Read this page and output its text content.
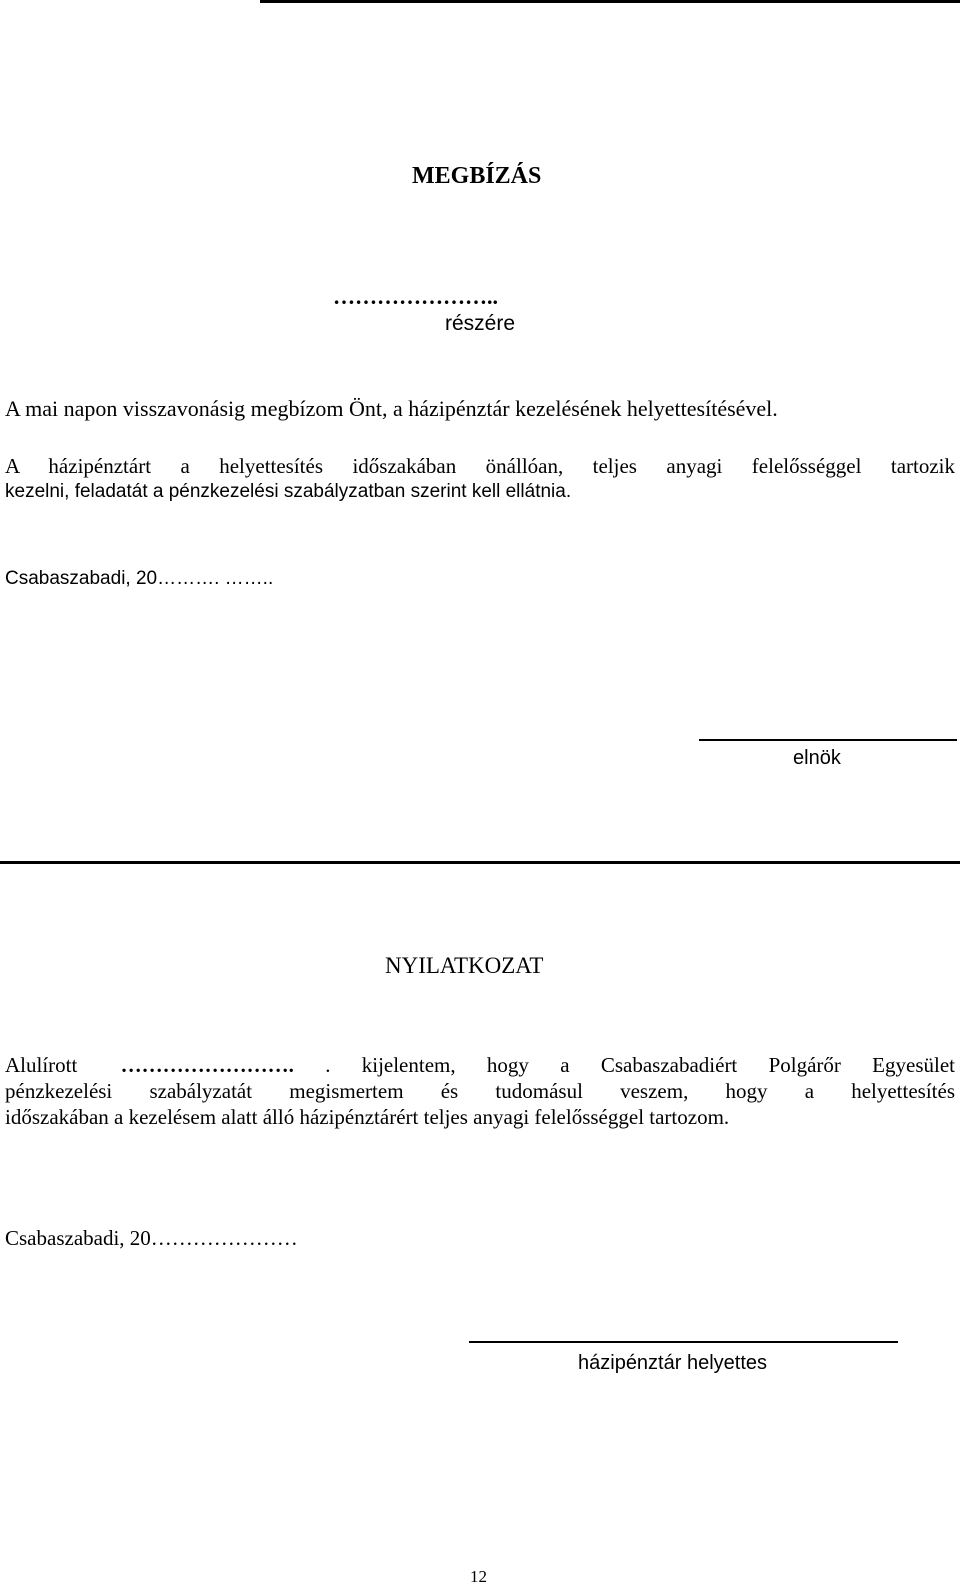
MEGBÍZÁS
…………………..
részére
A mai napon visszavonásig megbízom Önt, a házipénztár kezelésének helyettesítésével.
A házipénztárt a helyettesítés időszakában önállóan, teljes anyagi felelősséggel tartozik
kezelni, feladatát a pénzkezelési szabályzatban szerint kell ellátnia.
Csabaszabadi, 20………. ……..
elnök
NYILATKOZAT
Alulírott ……………………. . kijelentem, hogy a Csabaszabadiért Polgárőr Egyesület
pénzkezelési szabályzatát megismertem és tudomásul veszem, hogy a helyettesítés
időszakában a kezelésem alatt álló házipénztárért teljes anyagi felelősséggel tartozom.
Csabaszabadi, 20…………………
házipénztár helyettes
12
